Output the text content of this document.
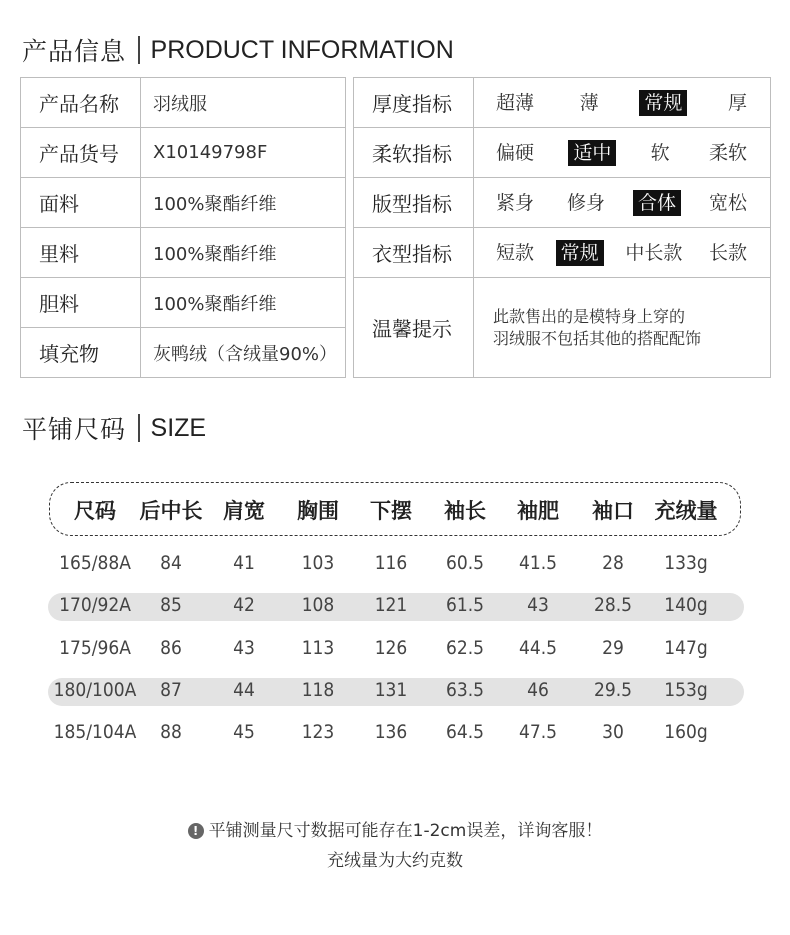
产品信息 PRODUCT INFORMATION
产品名称	羽绒服
产品货号	X10149798F
面料	100%聚酯纤维
里料	100%聚酯纤维
胆料	100%聚酯纤维
填充物	灰鸭绒（含绒量90%）
厚度指标	超薄 薄 常规 厚

柔软指标	偏硬 适中 软 柔软

版型指标	紧身 修身 合体 宽松

衣型指标	短款 常规 中长款 长款

温馨提示	此款售出的是模特身上穿的
羽绒服不包括其他的搭配配饰
平铺尺码 SIZE
尺码 后中长 肩宽 胸围 下摆 袖长 袖肥 袖口 充绒量
165/88A 84	41 103 116 60.5 41.5 28 133g
170/92A 85	42 108 121 61.5 43 28.5 140g
175/96A 86	43 113 126 62.5 44.5 29 147g
180/100A 87	44 118 131 63.5 46 29.5 153g
185/104A 88	45 123 136 64.5 47.5 30 160g
! 平铺测量尺寸数据可能存在1-2cm误差，详询客服！
充绒量为大约克数
